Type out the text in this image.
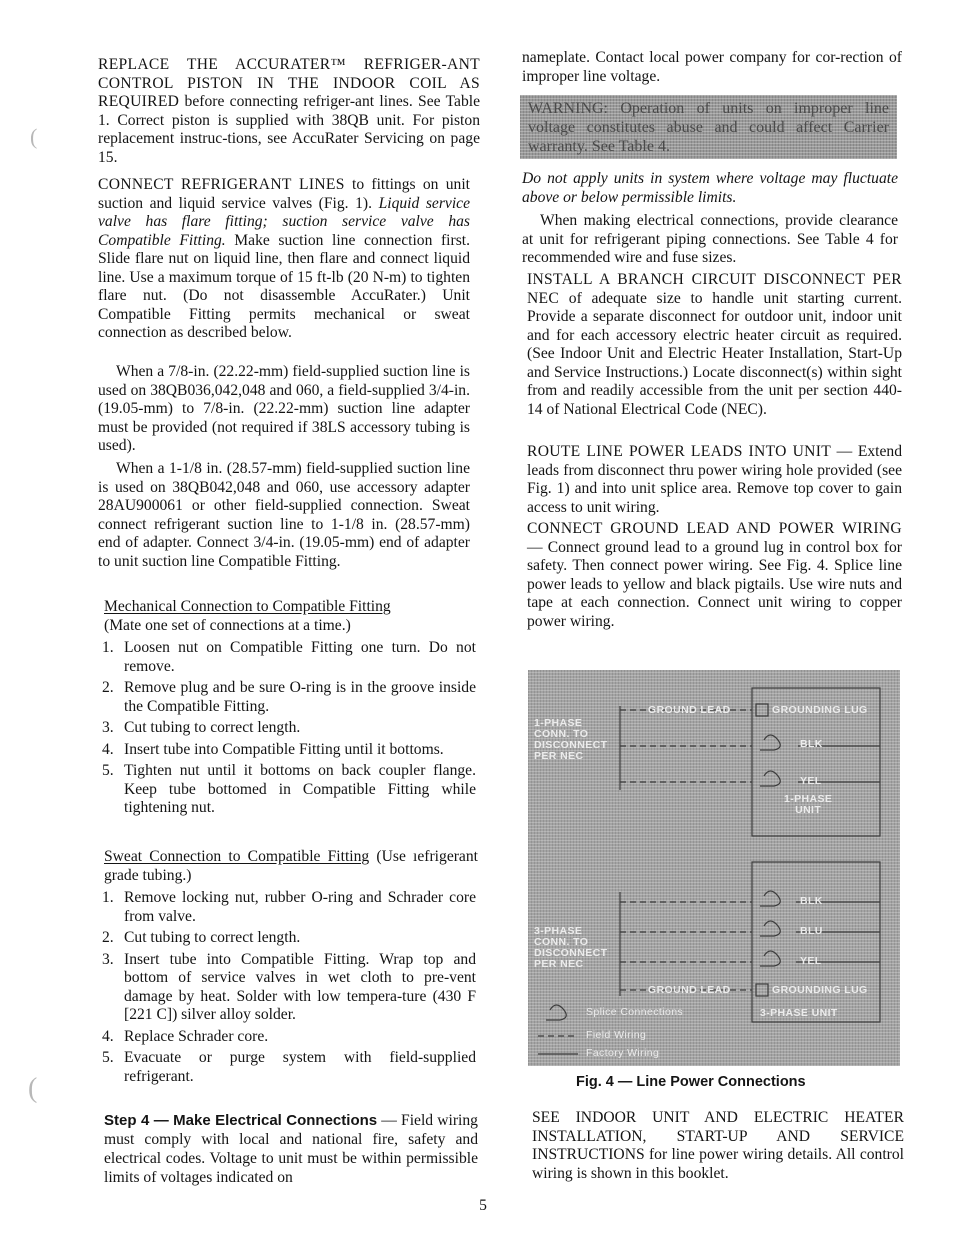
REPLACE THE ACCURATER™ REFRIGER-ANT CONTROL PISTON IN THE INDOOR COIL AS REQUIRED before connecting refriger-ant lines. See Table 1. Correct piston is supplied with 38QB unit. For piston replacement instruc-tions, see AccuRater Servicing on page 15.

CONNECT REFRIGERANT LINES to fittings on unit suction and liquid service valves (Fig. 1). Liquid service valve has flare fitting; suction service valve has Compatible Fitting. Make suction line connection first. Slide flare nut on liquid line, then flare and connect liquid line. Use a maximum torque of 15 ft-lb (20 N-m) to tighten flare nut. (Do not disassemble AccuRater.) Unit Compatible Fitting permits mechanical or sweat connection as described below.

When a 7/8-in. (22.22-mm) field-supplied suction line is used on 38QB036,042,048 and 060, a field-supplied 3/4-in. (19.05-mm) to 7/8-in. (22.22-mm) suction line adapter must be provided (not required if 38LS accessory tubing is used).

When a 1-1/8 in. (28.57-mm) field-supplied suction line is used on 38QB042,048 and 060, use accessory adapter 28AU900061 or other field-supplied connection. Sweat connect refrigerant suction line to 1-1/8 in. (28.57-mm) end of adapter. Connect 3/4-in. (19.05-mm) end of adapter to unit suction line Compatible Fitting.

Mechanical Connection to Compatible Fitting
(Mate one set of connections at a time.)

1. Loosen nut on Compatible Fitting one turn. Do not remove.
2. Remove plug and be sure O-ring is in the groove inside the Compatible Fitting.
3. Cut tubing to correct length.
4. Insert tube into Compatible Fitting until it bottoms.
5. Tighten nut until it bottoms on back coupler flange. Keep tube bottomed in Compatible Fitting while tightening nut.

Sweat Connection to Compatible Fitting (Use ıefrigerant grade tubing.)

1. Remove locking nut, rubber O-ring and Schrader core from valve.
2. Cut tubing to correct length.
3. Insert tube into Compatible Fitting. Wrap top and bottom of service valves in wet cloth to pre-vent damage by heat. Solder with low tempera-ture (430 F [221 C]) silver alloy solder.
4. Replace Schrader core.
5. Evacuate or purge system with field-supplied refrigerant.

Step 4 — Make Electrical Connections — Field wiring must comply with local and national fire, safety and electrical codes. Voltage to unit must be within permissible limits of voltages indicated on

nameplate. Contact local power company for cor-rection of improper line voltage.

Do not apply units in system where voltage may fluctuate above or below permissible limits.

When making electrical connections, provide clearance at unit for refrigerant piping connections. See Table 4 for recommended wire and fuse sizes.

INSTALL A BRANCH CIRCUIT DISCONNECT PER NEC of adequate size to handle unit starting current. Provide a separate disconnect for outdoor unit, indoor unit and for each accessory electric heater circuit as required. (See Indoor Unit and Electric Heater Installation, Start-Up and Service Instructions.) Locate disconnect(s) within sight from and readily accessible from the unit per section 440-14 of National Electrical Code (NEC).

ROUTE LINE POWER LEADS INTO UNIT — Extend leads from disconnect thru power wiring hole provided (see Fig. 1) and into unit splice area. Remove top cover to gain access to unit wiring.

CONNECT GROUND LEAD AND POWER WIRING — Connect ground lead to a ground lug in control box for safety. Then connect power wiring. See Fig. 4. Splice line power leads to yellow and black pigtails. Use wire nuts and tape at each connection. Connect unit wiring to copper power wiring.

Fig. 4 — Line Power Connections

SEE INDOOR UNIT AND ELECTRIC HEATER INSTALLATION, START-UP AND SERVICE INSTRUCTIONS for line power wiring details. All control wiring is shown in this booklet.

WARNING: Operation of units on improper line voltage constitutes abuse and could affect Carrier warranty. See Table 4.
1-PHASE
CONN. TO
DISCONNECT
PER NEC
GROUND LEAD	GROUNDING LUG
BLK
YEL
1-PHASE
UNIT
3-PHASE
CONN. TO
DISCONNECT
PER NEC
BLK
BLU
YEL
GROUND LEAD	GROUNDING LUG
3-PHASE UNIT
Splice Connections
Field Wiring
Factory Wiring
(
(
5
